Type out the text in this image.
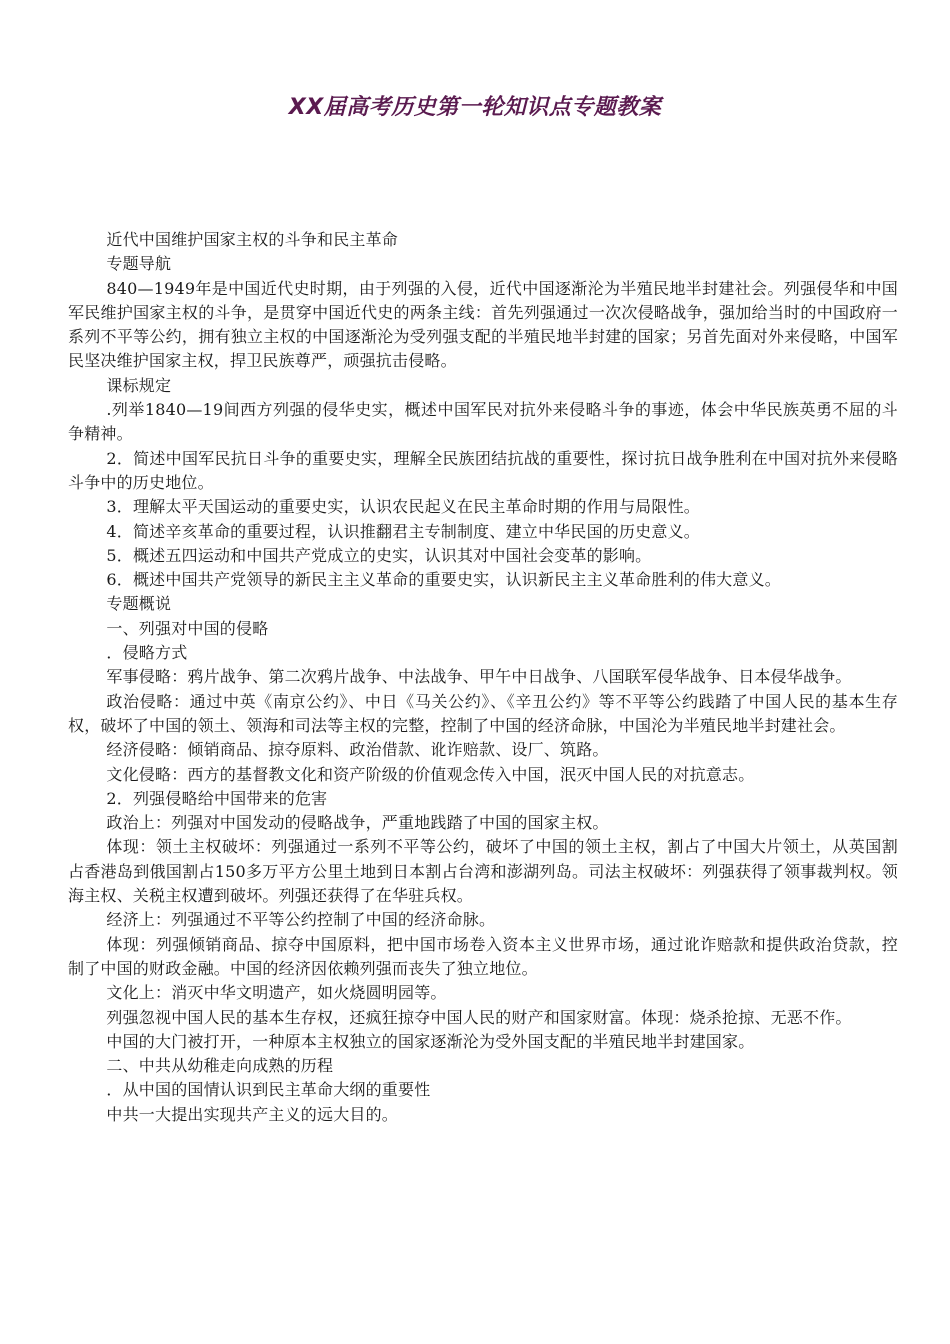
XX届高考历史第一轮知识点专题教案

近代中国维护国家主权的斗争和民主革命

专题导航

840—1949年是中国近代史时期，由于列强的入侵，近代中国逐渐沦为半殖民地半封建社会。列强侵华和中国军民维护国家主权的斗争，是贯穿中国近代史的两条主线：首先列强通过一次次侵略战争，强加给当时的中国政府一系列不平等公约，拥有独立主权的中国逐渐沦为受列强支配的半殖民地半封建的国家；另首先面对外来侵略，中国军民坚决维护国家主权，捍卫民族尊严，顽强抗击侵略。

课标规定

.列举1840—19间西方列强的侵华史实，概述中国军民对抗外来侵略斗争的事迹，体会中华民族英勇不屈的斗争精神。

2．简述中国军民抗日斗争的重要史实，理解全民族团结抗战的重要性，探讨抗日战争胜利在中国对抗外来侵略斗争中的历史地位。

3．理解太平天国运动的重要史实，认识农民起义在民主革命时期的作用与局限性。

4．简述辛亥革命的重要过程，认识推翻君主专制制度、建立中华民国的历史意义。

5．概述五四运动和中国共产党成立的史实，认识其对中国社会变革的影响。

6．概述中国共产党领导的新民主主义革命的重要史实，认识新民主主义革命胜利的伟大意义。

专题概说

一、列强对中国的侵略

．侵略方式

军事侵略：鸦片战争、第二次鸦片战争、中法战争、甲午中日战争、八国联军侵华战争、日本侵华战争。

政治侵略：通过中英《南京公约》、中日《马关公约》、《辛丑公约》等不平等公约践踏了中国人民的基本生存权，破坏了中国的领土、领海和司法等主权的完整，控制了中国的经济命脉，中国沦为半殖民地半封建社会。

经济侵略：倾销商品、掠夺原料、政治借款、讹诈赔款、设厂、筑路。

文化侵略：西方的基督教文化和资产阶级的价值观念传入中国，泯灭中国人民的对抗意志。

2．列强侵略给中国带来的危害

政治上：列强对中国发动的侵略战争，严重地践踏了中国的国家主权。

体现：领土主权破坏：列强通过一系列不平等公约，破坏了中国的领土主权，割占了中国大片领土，从英国割占香港岛到俄国割占150多万平方公里土地到日本割占台湾和澎湖列岛。司法主权破坏：列强获得了领事裁判权。领海主权、关税主权遭到破坏。列强还获得了在华驻兵权。

经济上：列强通过不平等公约控制了中国的经济命脉。

体现：列强倾销商品、掠夺中国原料，把中国市场卷入资本主义世界市场，通过讹诈赔款和提供政治贷款，控制了中国的财政金融。中国的经济因依赖列强而丧失了独立地位。

文化上：消灭中华文明遗产，如火烧圆明园等。

列强忽视中国人民的基本生存权，还疯狂掠夺中国人民的财产和国家财富。体现：烧杀抢掠、无恶不作。

中国的大门被打开，一种原本主权独立的国家逐渐沦为受外国支配的半殖民地半封建国家。

二、中共从幼稚走向成熟的历程

．从中国的国情认识到民主革命大纲的重要性

中共一大提出实现共产主义的远大目的。
